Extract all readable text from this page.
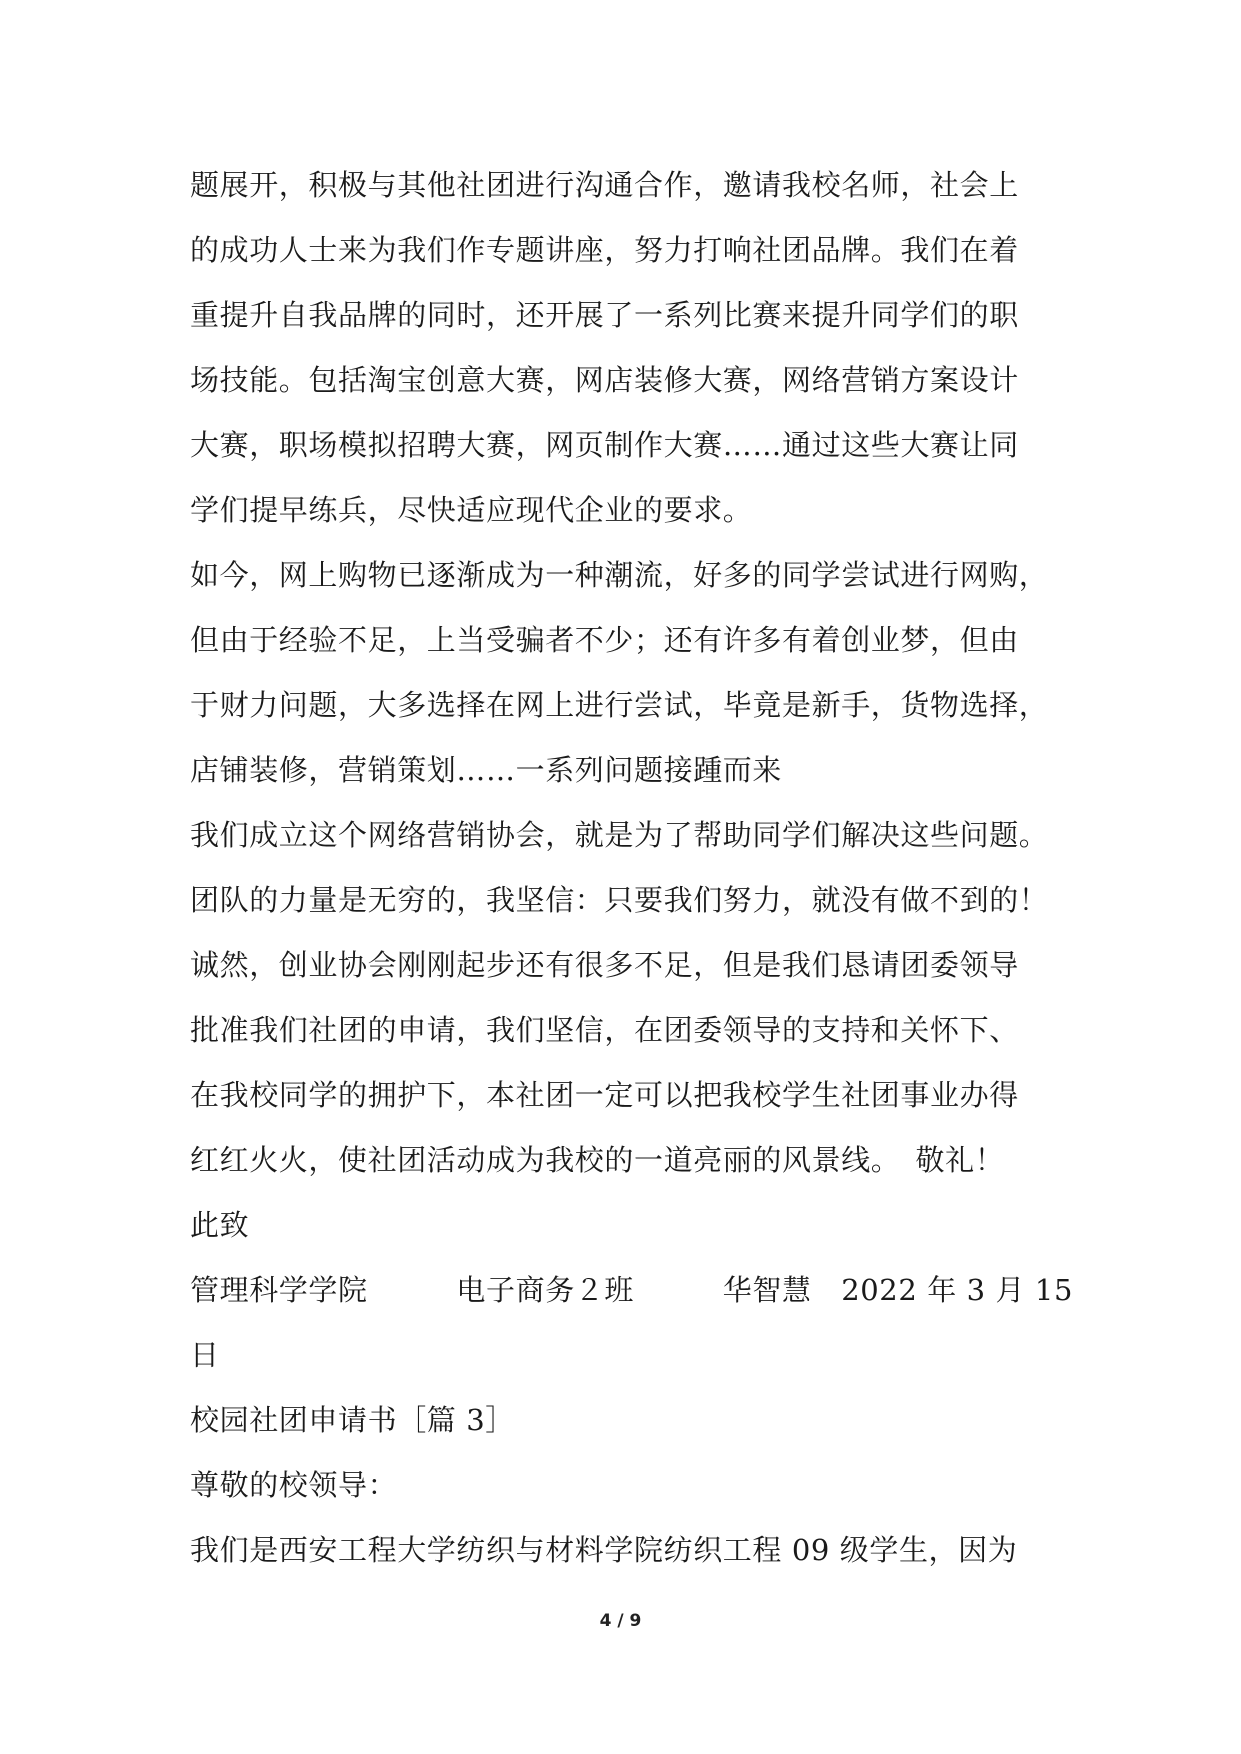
题展开，积极与其他社团进行沟通合作，邀请我校名师，社会上
的成功人士来为我们作专题讲座，努力打响社团品牌。我们在着
重提升自我品牌的同时，还开展了一系列比赛来提升同学们的职
场技能。包括淘宝创意大赛，网店装修大赛，网络营销方案设计
大赛，职场模拟招聘大赛，网页制作大赛……通过这些大赛让同
学们提早练兵，尽快适应现代企业的要求。
如今，网上购物已逐渐成为一种潮流，好多的同学尝试进行网购，
但由于经验不足，上当受骗者不少；还有许多有着创业梦，但由
于财力问题，大多选择在网上进行尝试，毕竟是新手，货物选择，
店铺装修，营销策划……一系列问题接踵而来
我们成立这个网络营销协会，就是为了帮助同学们解决这些问题。
团队的力量是无穷的，我坚信：只要我们努力，就没有做不到的！
诚然，创业协会刚刚起步还有很多不足，但是我们恳请团委领导
批准我们社团的申请，我们坚信，在团委领导的支持和关怀下、
在我校同学的拥护下，本社团一定可以把我校学生社团事业办得
红红火火，使社团活动成为我校的一道亮丽的风景线。　敬礼！
此致
管理科学学院　　　电子商务２班　　　华智慧　2022 年 3 月 15
日
校园社团申请书［篇 3］
尊敬的校领导：
我们是西安工程大学纺织与材料学院纺织工程 09 级学生，因为
4 / 9
